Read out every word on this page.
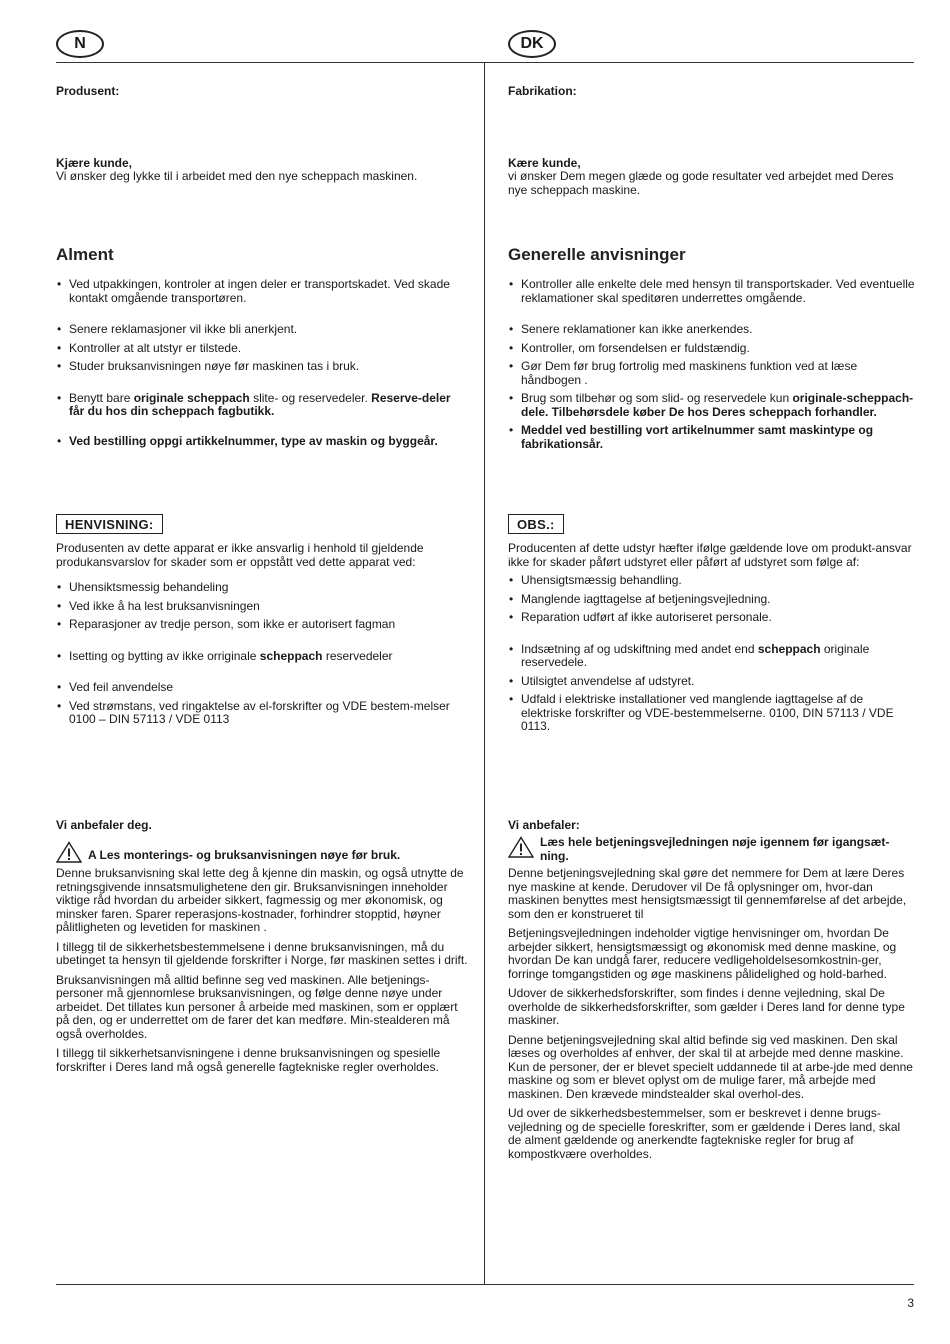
N	DK

Produsent:

Kjære kunde,

Vi ønsker deg lykke til i arbeidet med den nye scheppach maskinen.

Alment
• Ved utpakkingen, kontroler at ingen deler er transportskadet. Ved skade kontakt omgående transportøren.
• Senere reklamasjoner vil ikke bli anerkjent.
• Kontroller at alt utstyr er tilstede.
• Studer bruksanvisningen nøye før maskinen tas i bruk.
• Benytt bare originale scheppach slite- og reservedeler. Reserve-deler får du hos din scheppach fagbutikk.
• Ved bestilling oppgi artikkelnummer, type av maskin og byggeår.
HENVISNING:

Produsenten av dette apparat er ikke ansvarlig i henhold til gjeldende produkansvarslov for skader som er oppstått ved dette apparat ved:

• Uhensiktsmessig behandeling
• Ved ikke å ha lest bruksanvisningen
• Reparasjoner av tredje person, som ikke er autorisert fagman
• Isetting og bytting av ikke orriginale scheppach reservedeler
• Ved feil anvendelse
• Ved strømstans, ved ringaktelse av el-forskrifter og VDE bestem-melser 0100 – DIN 57113 / VDE 0113

Vi anbefaler deg.

A Les monterings- og bruksanvisningen nøye før bruk.

Denne bruksanvisning skal lette deg å kjenne din maskin, og også utnytte de retningsgivende innsatsmulighetene den gir. Bruksanvisningen inneholder viktige råd hvordan du arbeider sikkert, fagmessig og mer økonomisk, og minsker faren. Sparer reperasjons-kostnader, forhindrer stopptid, høyner pålitligheten og levetiden for maskinen .

I tillegg til de sikkerhetsbestemmelsene i denne bruksanvisningen, må du ubetinget ta hensyn til gjeldende forskrifter i Norge, før maskinen settes i drift.

Bruksanvisningen må alltid befinne seg ved maskinen. Alle betjenings-personer må gjennomlese bruksanvisningen, og følge denne nøye under arbeidet. Det tillates kun personer å arbeide med maskinen, som er opplært på den, og er underrettet om de farer det kan medføre. Min-stealderen må også overholdes.

I tillegg til sikkerhetsanvisningene i denne bruksanvisningen og spesielle forskrifter i Deres land må også generelle fagtekniske regler overholdes.

Fabrikation:

Kære kunde,

vi ønsker Dem megen glæde og gode resultater ved arbejdet med Deres nye scheppach maskine.

Generelle anvisninger
• Kontroller alle enkelte dele med hensyn til transportskader. Ved eventuelle reklamationer skal speditøren underrettes omgående.
• Senere reklamationer kan ikke anerkendes.
• Kontroller, om forsendelsen er fuldstændig.
• Gør Dem før brug fortrolig med maskinens funktion ved at læse håndbogen .
• Brug som tilbehør og som slid- og reservedele kun originale-scheppach-dele. Tilbehørsdele køber De hos Deres scheppach forhandler.
• Meddel ved bestilling vort artikelnummer samt maskintype og fabrikationsår.
OBS.:

Producenten af dette udstyr hæfter ifølge gældende love om produkt-ansvar ikke for skader påført udstyret eller påført af udstyret som følge af:

• Uhensigtsmæssig behandling.
• Manglende iagttagelse af betjeningsvejledning.
• Reparation udført af ikke autoriseret personale.
• Indsætning af og udskiftning med andet end scheppach originale reservedele.
• Utilsigtet anvendelse af udstyret.
• Udfald i elektriske installationer ved manglende iagttagelse af de elektriske forskrifter og VDE-bestemmelserne. 0100, DIN 57113 / VDE 0113.

Vi anbefaler:

Læs hele betjeningsvejledningen nøje igennem før igangsæt-ning.

Denne betjeningsvejledning skal gøre det nemmere for Dem at lære Deres nye maskine at kende. Derudover vil De få oplysninger om, hvor-dan maskinen benyttes mest hensigtsmæssigt til gennemførelse af det arbejde, som den er konstrueret til

Betjeningsvejledningen indeholder vigtige henvisninger om, hvordan De arbejder sikkert, hensigtsmæssigt og økonomisk med denne maskine, og hvordan De kan undgå farer, reducere vedligeholdelsesomkostnin-ger, forringe tomgangstiden og øge maskinens pålidelighed og hold-barhed.

Udover de sikkerhedsforskrifter, som findes i denne vejledning, skal De overholde de sikkerhedsforskrifter, som gælder i Deres land for denne type maskiner.

Denne betjeningsvejledning skal altid befinde sig ved maskinen. Den skal læses og overholdes af enhver, der skal til at arbejde med denne maskine. Kun de personer, der er blevet specielt uddannede til at arbe-jde med denne maskine og som er blevet oplyst om de mulige farer, må arbejde med maskinen. Den krævede mindstealder skal overhol-des.

Ud over de sikkerhedsbestemmelser, som er beskrevet i denne brugs-vejledning og de specielle foreskrifter, som er gældende i Deres land, skal de alment gældende og anerkendte fagtekniske regler for brug af kompostkvære overholdes.

3
